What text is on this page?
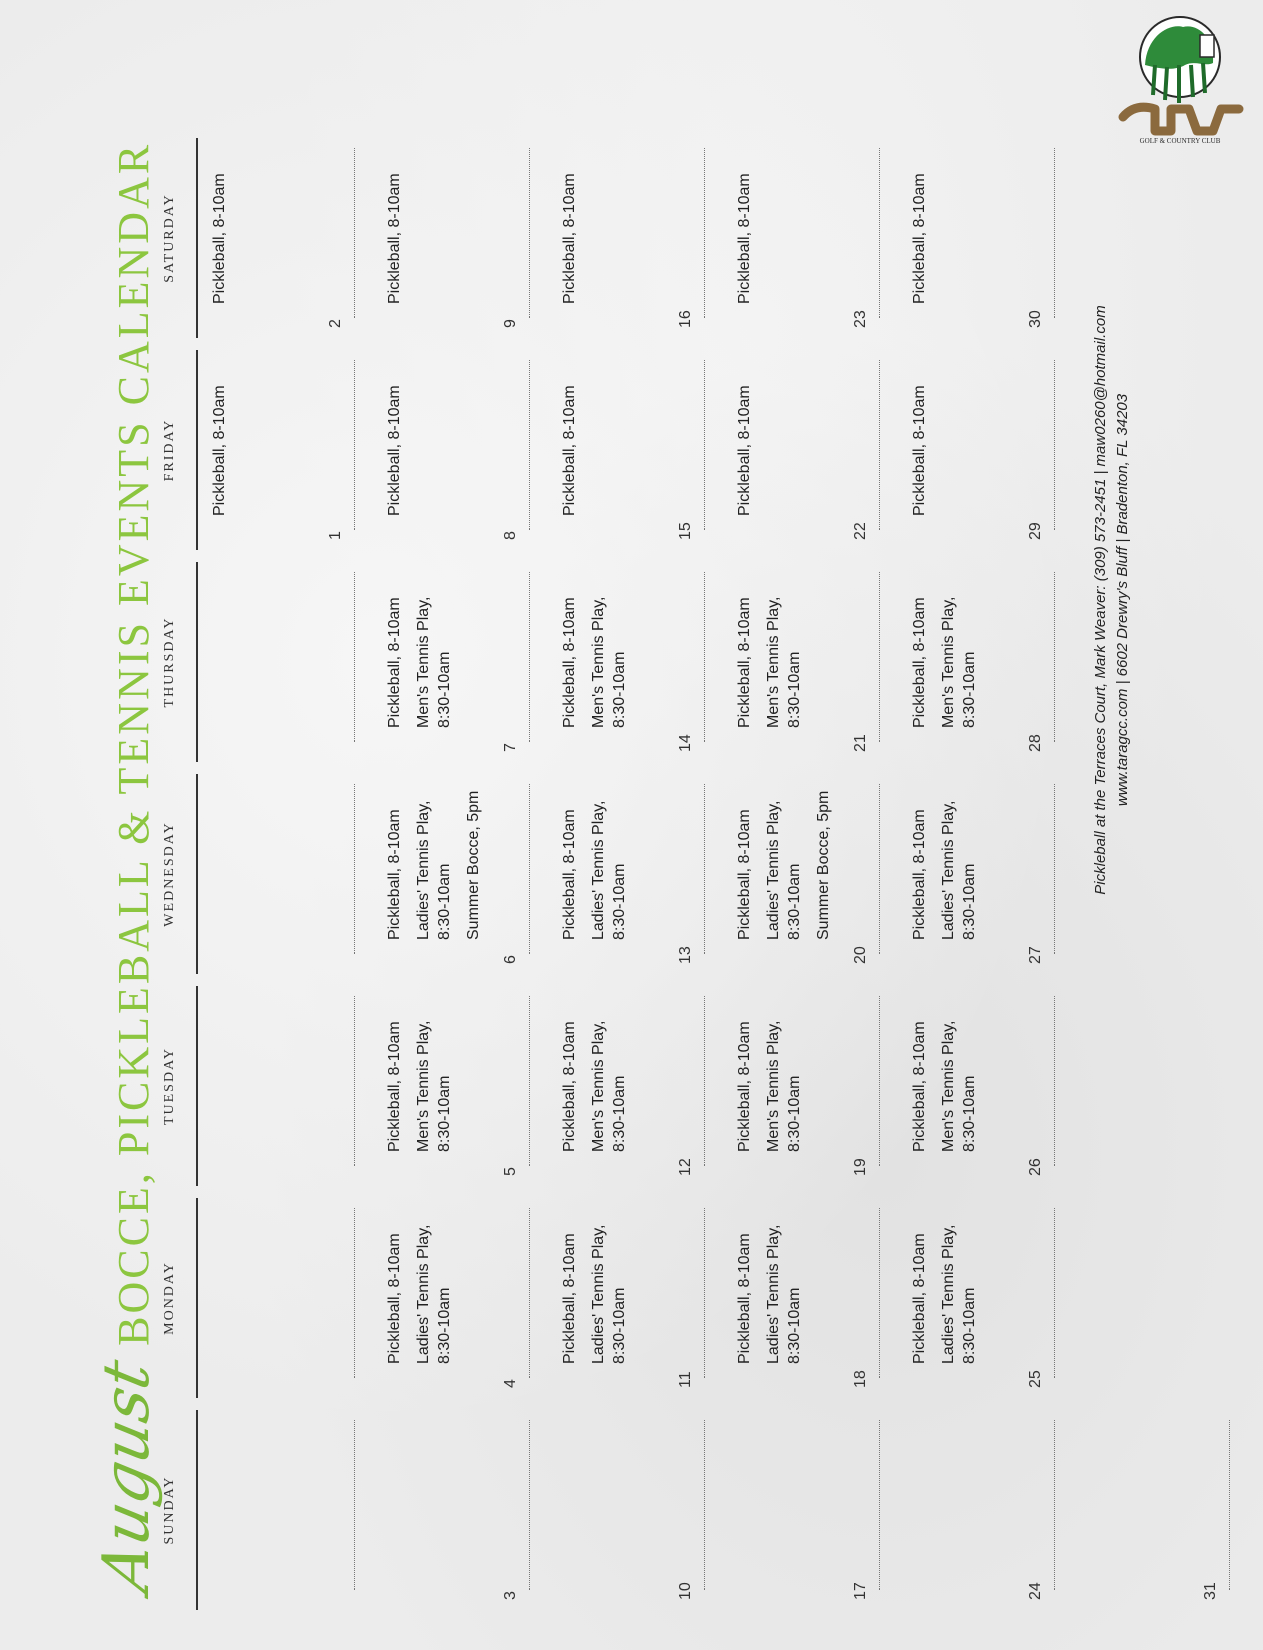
August
BOCCE, PICKLEBALL & TENNIS EVENTS CALENDAR
SUNDAY
MONDAY
TUESDAY
WEDNESDAY
THURSDAY
FRIDAY
SATURDAY
1
Pickleball, 8-10am
2
Pickleball, 8-10am
3
4
Pickleball, 8-10am Ladies' Tennis Play,
8:30-10am
5
Pickleball, 8-10am Men's Tennis Play,
8:30-10am
6
Pickleball, 8-10am Ladies' Tennis Play,
8:30-10am Summer Bocce, 5pm
7
Pickleball, 8-10am Men's Tennis Play,
8:30-10am
8
Pickleball, 8-10am
9
Pickleball, 8-10am
10
11
Pickleball, 8-10am Ladies' Tennis Play,
8:30-10am
12
Pickleball, 8-10am Men's Tennis Play,
8:30-10am
13
Pickleball, 8-10am Ladies' Tennis Play,
8:30-10am
14
Pickleball, 8-10am Men's Tennis Play,
8:30-10am
15
Pickleball, 8-10am
16
Pickleball, 8-10am
17
18
Pickleball, 8-10am Ladies' Tennis Play,
8:30-10am
19
Pickleball, 8-10am Men's Tennis Play,
8:30-10am
20
Pickleball, 8-10am Ladies' Tennis Play,
8:30-10am Summer Bocce, 5pm
21
Pickleball, 8-10am Men's Tennis Play,
8:30-10am
22
Pickleball, 8-10am
23
Pickleball, 8-10am
24
25
Pickleball, 8-10am Ladies' Tennis Play,
8:30-10am
26
Pickleball, 8-10am Men's Tennis Play,
8:30-10am
27
Pickleball, 8-10am Ladies' Tennis Play,
8:30-10am
28
Pickleball, 8-10am Men's Tennis Play,
8:30-10am
29
Pickleball, 8-10am
30
Pickleball, 8-10am
31
Pickleball at the Terraces Court, Mark Weaver: (309) 573-2451 | maw0260@hotmail.com www.taragcc.com | 6602 Drewry's Bluff | Bradenton, FL 34203
GOLF & COUNTRY CLUB
